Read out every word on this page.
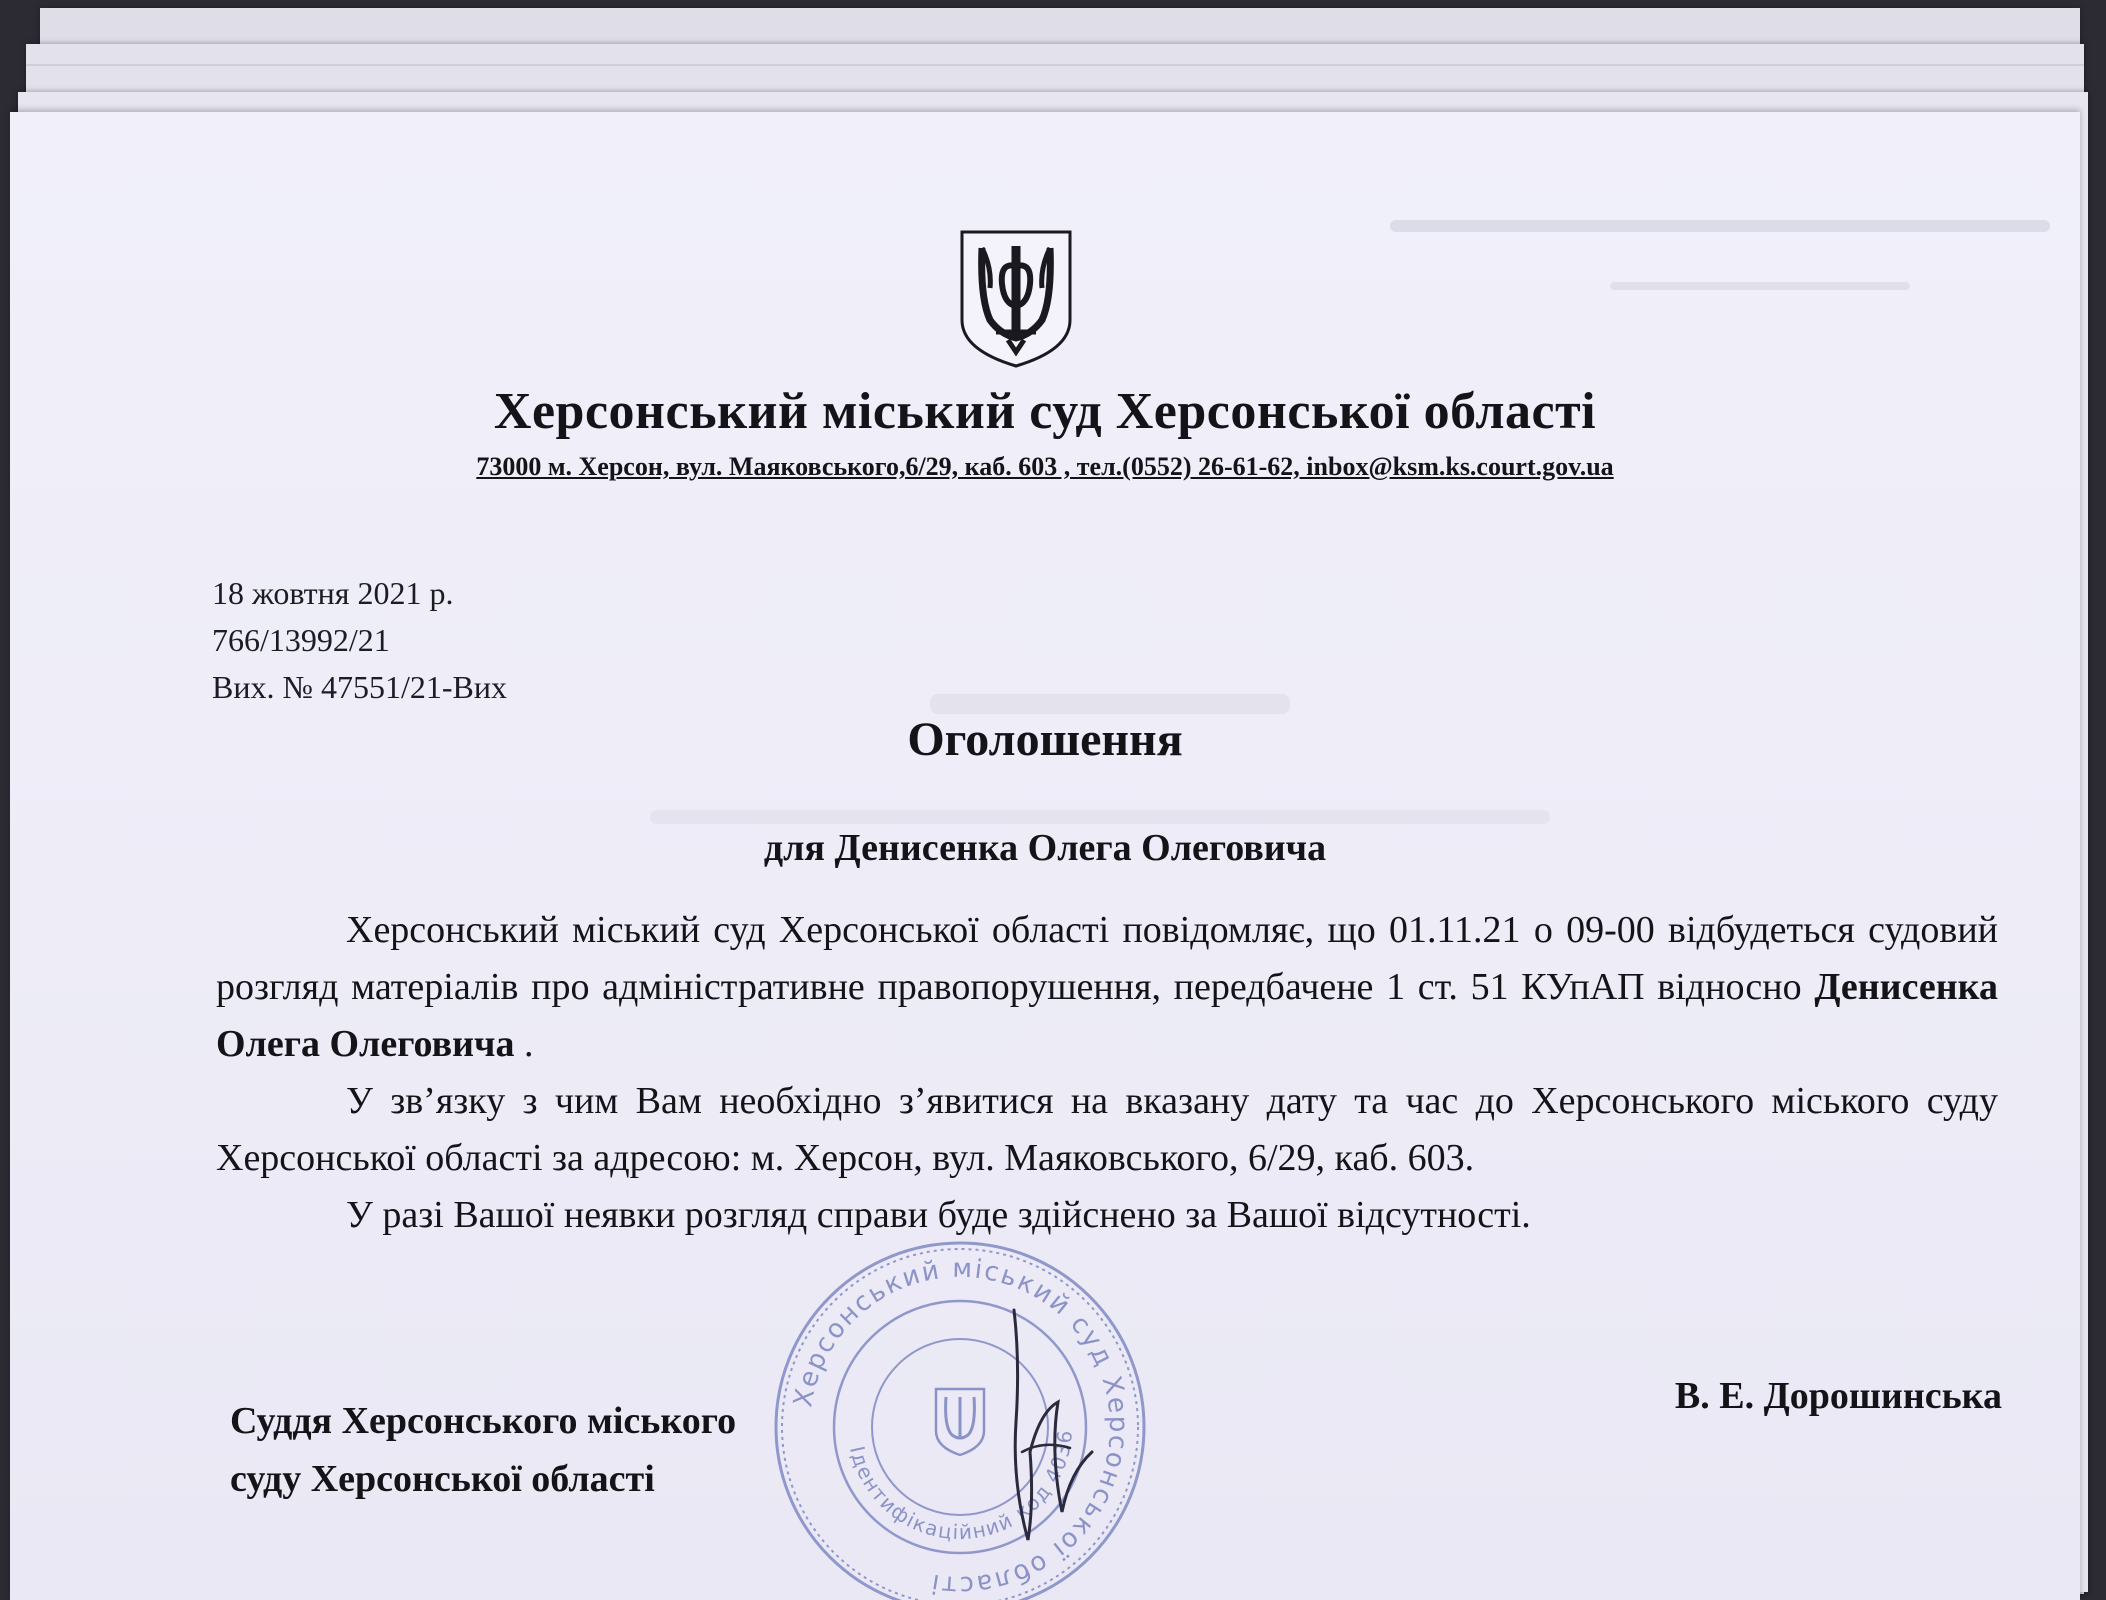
Херсонський міський суд Херсонської області
73000 м. Херсон, вул. Маяковського,6/29, каб. 603 , тел.(0552) 26-61-62, inbox@ksm.ks.court.gov.ua
18 жовтня 2021 р.
766/13992/21
Вих. № 47551/21-Вих
Оголошення
для Денисенка Олега Олеговича

Херсонський міський суд Херсонської області повідомляє, що 01.11.21 о 09-00 відбудеться судовий розгляд матеріалів про адміністративне правопорушення, передбачене 1 ст. 51 КУпАП відносно Денисенка Олега Олеговича .

У зв’язку з чим Вам необхідно з’явитися на вказану дату та час до Херсонського міського суду Херсонської області за адресою: м. Херсон, вул. Маяковського, 6/29, каб. 603.

У разі Вашої неявки розгляд справи буде здійснено за Вашої відсутності.

Суддя Херсонського міського
суду Херсонської області
В. Е. Дорошинська
Херсонський міський суд Херсонської області
Ідентифікаційний код 4036
